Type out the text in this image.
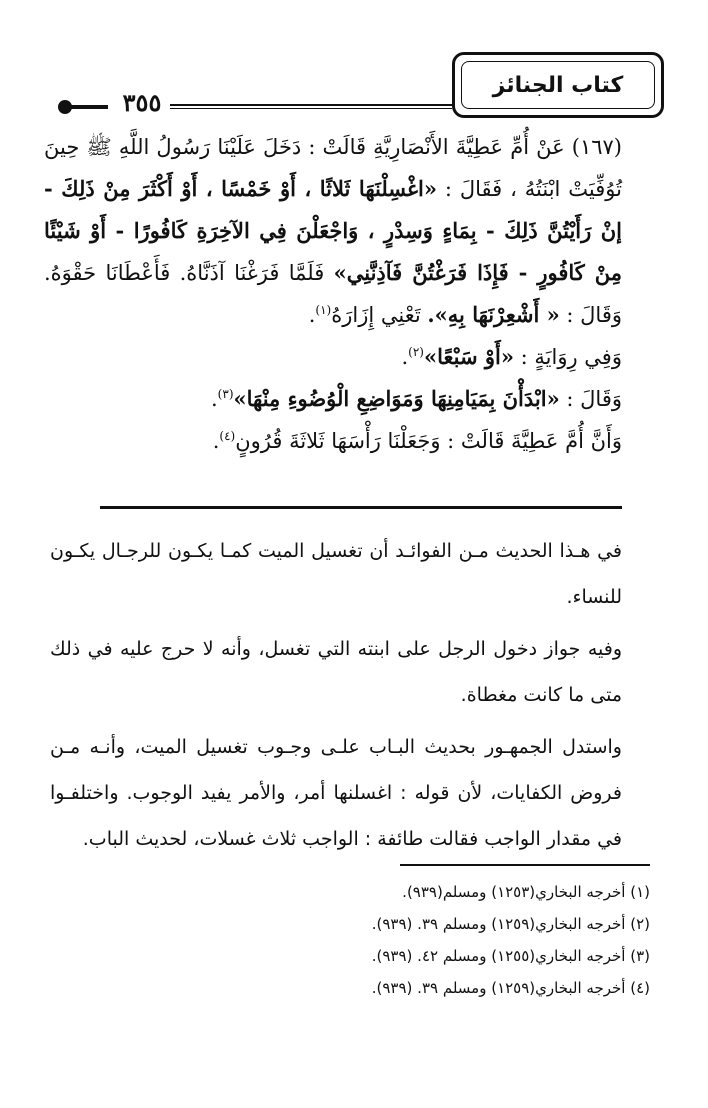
كتاب الجنائز
٣٥٥

(١٦٧) عَنْ أُمِّ عَطِيَّةَ الأَنْصَارِيَّةِ قَالَتْ : دَخَلَ عَلَيْنَا رَسُولُ اللَّهِ ﷺ حِينَ تُوُفِّيَتْ ابْنَتُهُ ، فَقَالَ : «اغْسِلْنَهَا ثَلاثًا ، أَوْ خَمْسًا ، أَوْ أَكْثَرَ مِنْ ذَلِكَ - إنْ رَأَيْتُنَّ ذَلِكَ - بِمَاءٍ وَسِدْرٍ ، وَاجْعَلْنَ فِي الآخِرَةِ كَافُورًا - أَوْ شَيْئًا مِنْ كَافُورٍ - فَإِذَا فَرَغْتُنَّ فَآذِنَّنِي» فَلَمَّا فَرَغْنَا آذَنَّاهُ. فَأَعْطَانَا حَقْوَهُ. وَقَالَ : « أَشْعِرْنَهَا بِهِ». تَعْنِي إِزَارَهُ$^{(١)}$.

وَفِي رِوَايَةٍ : «أَوْ سَبْعًا»$^{(٢)}$.

وَقَالَ : «ابْدَأْنَ بِمَيَامِنِهَا وَمَوَاضِعِ الْوُضُوءِ مِنْهَا»$^{(٣)}$.

وَأَنَّ أُمَّ عَطِيَّةَ قَالَتْ : وَجَعَلْنَا رَأْسَهَا ثَلاثَةَ قُرُونٍ$^{(٤)}$.

في هـذا الحديث مـن الفوائـد أن تغسيل الميت كمـا يكـون للرجـال يكـون للنساء.

وفيه جواز دخول الرجل على ابنته التي تغسل، وأنه لا حرج عليه في ذلك متى ما كانت مغطاة.

واستدل الجمهـور بحديث البـاب علـى وجـوب تغسيل الميت، وأنـه مـن فروض الكفايات، لأن قوله : اغسلنها أمر، والأمر يفيد الوجوب. واختلفـوا في مقدار الواجب فقالت طائفة : الواجب ثلاث غسلات، لحديث الباب.

(١) أخرجه البخاري(١٢٥٣) ومسلم(٩٣٩).

(٢) أخرجه البخاري(١٢٥٩) ومسلم ٣٩. (٩٣٩).

(٣) أخرجه البخاري(١٢٥٥) ومسلم ٤٢. (٩٣٩).

(٤) أخرجه البخاري(١٢٥٩) ومسلم ٣٩. (٩٣٩).
